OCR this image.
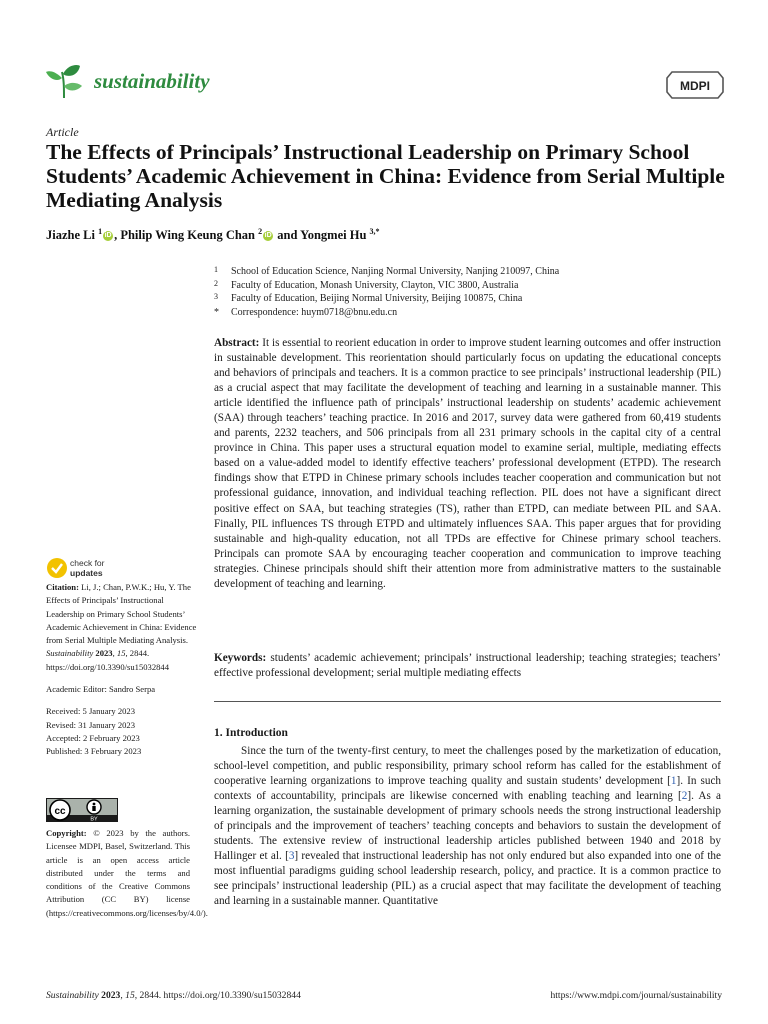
sustainability	MDPI
Article
The Effects of Principals’ Instructional Leadership on Primary School Students’ Academic Achievement in China: Evidence from Serial Multiple Mediating Analysis
Jiazhe Li $^1$ iD , Philip Wing Keung Chan $^2$ iD and Yongmei Hu $^{3,*}$
1 School of Education Science, Nanjing Normal University, Nanjing 210097, China
2 Faculty of Education, Monash University, Clayton, VIC 3800, Australia
3 Faculty of Education, Beijing Normal University, Beijing 100875, China
* Correspondence: huym0718@bnu.edu.cn
Abstract: It is essential to reorient education in order to improve student learning outcomes and offer instruction in sustainable development. This reorientation should particularly focus on updating the educational concepts and behaviors of principals and teachers. It is a common practice to see principals’ instructional leadership (PIL) as a crucial aspect that may facilitate the development of teaching and learning in a sustainable manner. This article identified the influence path of principals’ instructional leadership on students’ academic achievement (SAA) through teachers’ teaching practice. In 2016 and 2017, survey data were gathered from 60,419 students and parents, 2232 teachers, and 506 principals from all 231 primary schools in the capital city of a central province in China. This paper uses a structural equation model to examine serial, multiple, mediating effects based on a value-added model to identify effective teachers’ professional development (ETPD). The research findings show that ETPD in Chinese primary schools includes teacher cooperation and communication but not professional guidance, innovation, and individual teaching reflection. PIL does not have a significant direct positive effect on SAA, but teaching strategies (TS), rather than ETPD, can mediate between PIL and SAA. Finally, PIL influences TS through ETPD and ultimately influences SAA. This paper argues that for providing sustainable and high-quality education, not all TPDs are effective for Chinese primary school teachers. Principals can promote SAA by encouraging teacher cooperation and communication to improve teaching strategies. Chinese principals should shift their attention more from administrative matters to the sustainable development of teaching and learning.
Keywords: students’ academic achievement; principals’ instructional leadership; teaching strategies; teachers’ effective professional development; serial multiple mediating effects
1. Introduction
Since the turn of the twenty-first century, to meet the challenges posed by the marketization of education, school-level competition, and public responsibility, primary school reform has called for the establishment of cooperative learning organizations to improve teaching quality and sustain students’ development [1]. In such contexts of accountability, principals are likewise concerned with enabling teaching and learning [2]. As a learning organization, the sustainable development of primary schools needs the strong instructional leadership of principals and the improvement of teachers’ teaching concepts and behaviors to sustain the development of students. The extensive review of instructional leadership articles published between 1940 and 2018 by Hallinger et al. [3] revealed that instructional leadership has not only endured but also expanded into one of the most influential paradigms guiding school leadership research, policy, and practice. It is a common practice to see principals’ instructional leadership (PIL) as a crucial aspect that may facilitate the development of teaching and learning in a sustainable manner. Quantitative
check for
updates

Citation: Li, J.; Chan, P.W.K.; Hu, Y. The Effects of Principals’ Instructional Leadership on Primary School Students’ Academic Achievement in China: Evidence from Serial Multiple Mediating Analysis. Sustainability 2023, 15, 2844. https://doi.org/10.3390/su15032844

Academic Editor: Sandro Serpa

Received: 5 January 2023

Revised: 31 January 2023

Accepted: 2 February 2023

Published: 3 February 2023

cc
BY
Copyright: © 2023 by the authors. Licensee MDPI, Basel, Switzerland. This article is an open access article distributed under the terms and conditions of the Creative Commons Attribution (CC BY) license (https://creativecommons.org/licenses/by/4.0/).
Sustainability 2023, 15, 2844. https://doi.org/10.3390/su15032844	https://www.mdpi.com/journal/sustainability
